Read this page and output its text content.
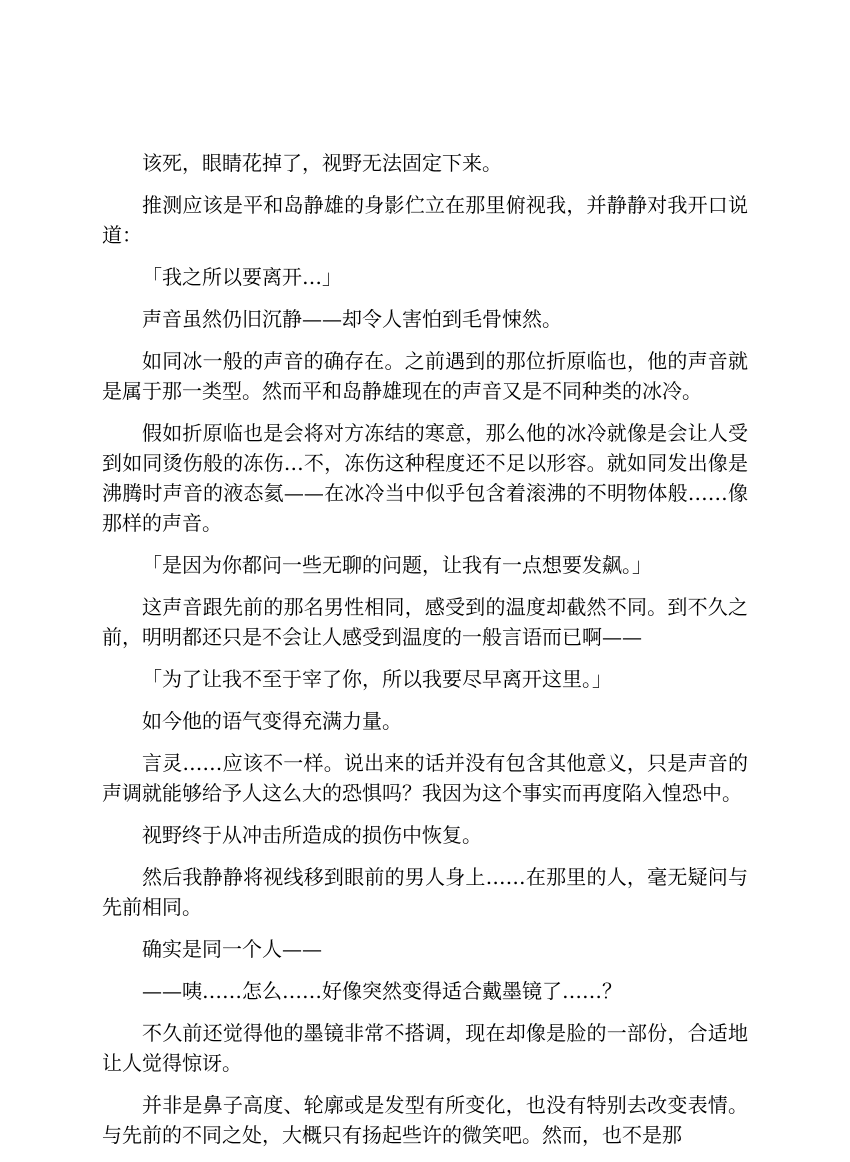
该死，眼睛花掉了，视野无法固定下来。

推测应该是平和岛静雄的身影伫立在那里俯视我，并静静对我开口说道：

「我之所以要离开…」

声音虽然仍旧沉静——却令人害怕到毛骨悚然。

如同冰一般的声音的确存在。之前遇到的那位折原临也，他的声音就是属于那一类型。然而平和岛静雄现在的声音又是不同种类的冰冷。

假如折原临也是会将对方冻结的寒意，那么他的冰冷就像是会让人受到如同烫伤般的冻伤…不，冻伤这种程度还不足以形容。就如同发出像是沸腾时声音的液态氦——在冰冷当中似乎包含着滚沸的不明物体般……像那样的声音。

「是因为你都问一些无聊的问题，让我有一点想要发飙。」

这声音跟先前的那名男性相同，感受到的温度却截然不同。到不久之前，明明都还只是不会让人感受到温度的一般言语而已啊——

「为了让我不至于宰了你，所以我要尽早离开这里。」

如今他的语气变得充满力量。

言灵……应该不一样。说出来的话并没有包含其他意义，只是声音的声调就能够给予人这么大的恐惧吗？我因为这个事实而再度陷入惶恐中。

视野终于从冲击所造成的损伤中恢复。

然后我静静将视线移到眼前的男人身上……在那里的人，毫无疑问与先前相同。

确实是同一个人——

——咦……怎么……好像突然变得适合戴墨镜了……？

不久前还觉得他的墨镜非常不搭调，现在却像是脸的一部份，合适地让人觉得惊讶。

并非是鼻子高度、轮廓或是发型有所变化，也没有特别去改变表情。与先前的不同之处，大概只有扬起些许的微笑吧。然而，也不是那
